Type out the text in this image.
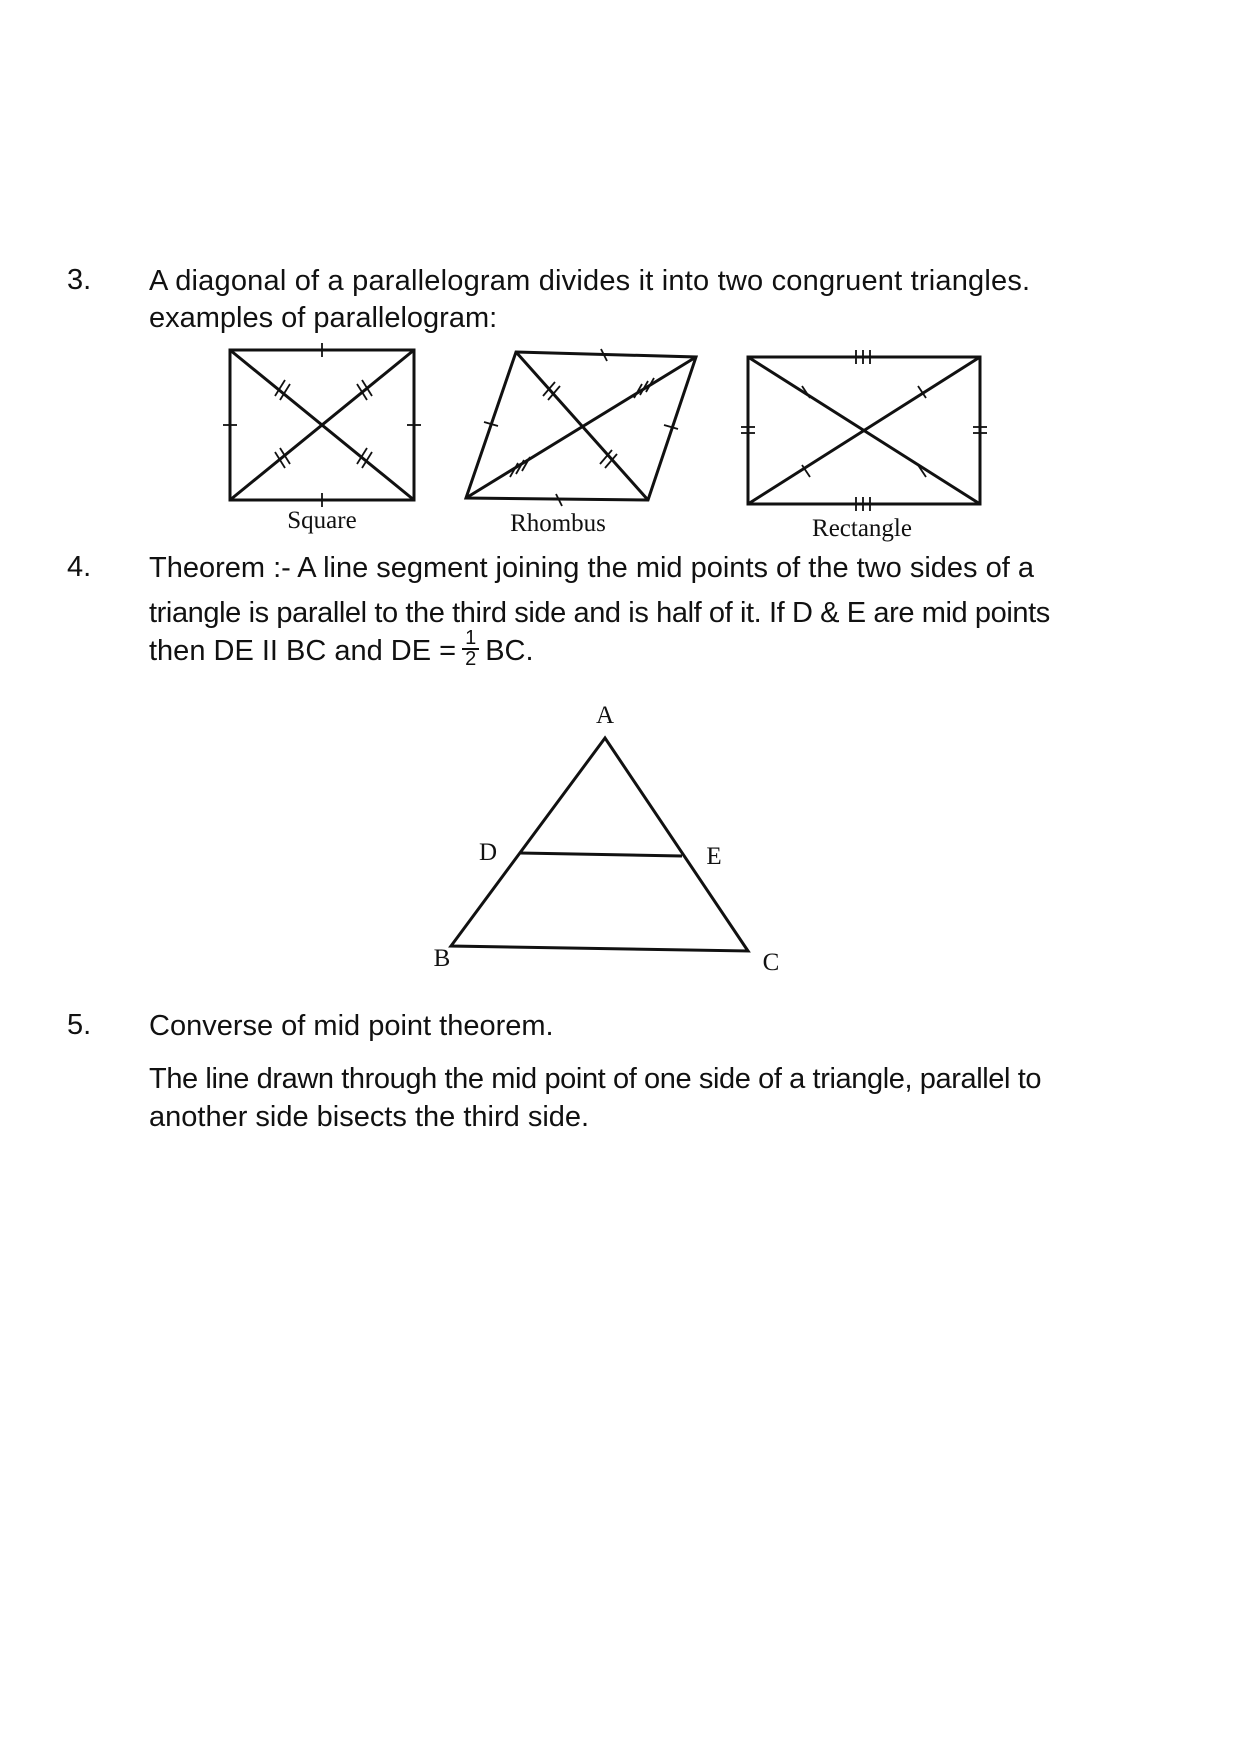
3. A diagonal of a parallelogram divides it into two congruent triangles.

examples of parallelogram:

4. Theorem :- A line segment joining the mid points of the two sides of a

triangle is parallel to the third side and is half of it. If D & E are mid points

then DE II BC and DE = $\frac{1}{2}$ BC.

5. Converse of mid point theorem.

The line drawn through the mid point of one side of a triangle, parallel to

another side bisects the third side.

Square	Rhombus	Rectangle
A
B	C
D	E
